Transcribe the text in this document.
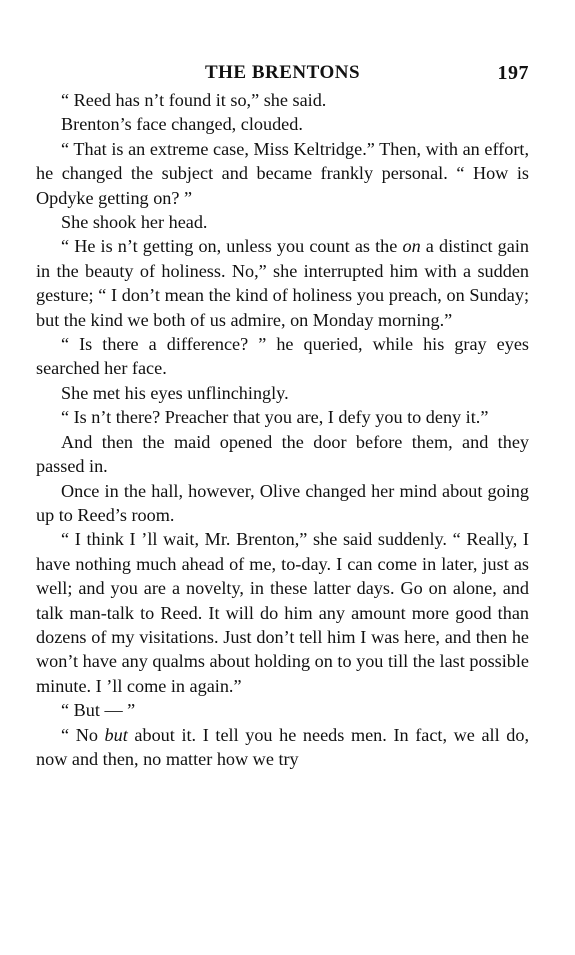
THE BRENTONS	197

“ Reed has n’t found it so,” she said.

Brenton’s face changed, clouded.

“ That is an extreme case, Miss Keltridge.” Then, with an effort, he changed the subject and became frankly personal. “ How is Opdyke getting on? ”

She shook her head.

“ He is n’t getting on, unless you count as the on a distinct gain in the beauty of holiness. No,” she interrupted him with a sudden gesture; “ I don’t mean the kind of holiness you preach, on Sunday; but the kind we both of us admire, on Monday morning.”

“ Is there a difference? ” he queried, while his gray eyes searched her face.

She met his eyes unflinchingly.

“ Is n’t there? Preacher that you are, I defy you to deny it.”

And then the maid opened the door before them, and they passed in.

Once in the hall, however, Olive changed her mind about going up to Reed’s room.

“ I think I ’ll wait, Mr. Brenton,” she said suddenly. “ Really, I have nothing much ahead of me, to-day. I can come in later, just as well; and you are a novelty, in these latter days. Go on alone, and talk man-talk to Reed. It will do him any amount more good than dozens of my visitations. Just don’t tell him I was here, and then he won’t have any qualms about holding on to you till the last possible minute. I ’ll come in again.”

“ But — ”

“ No but about it. I tell you he needs men. In fact, we all do, now and then, no matter how we try
